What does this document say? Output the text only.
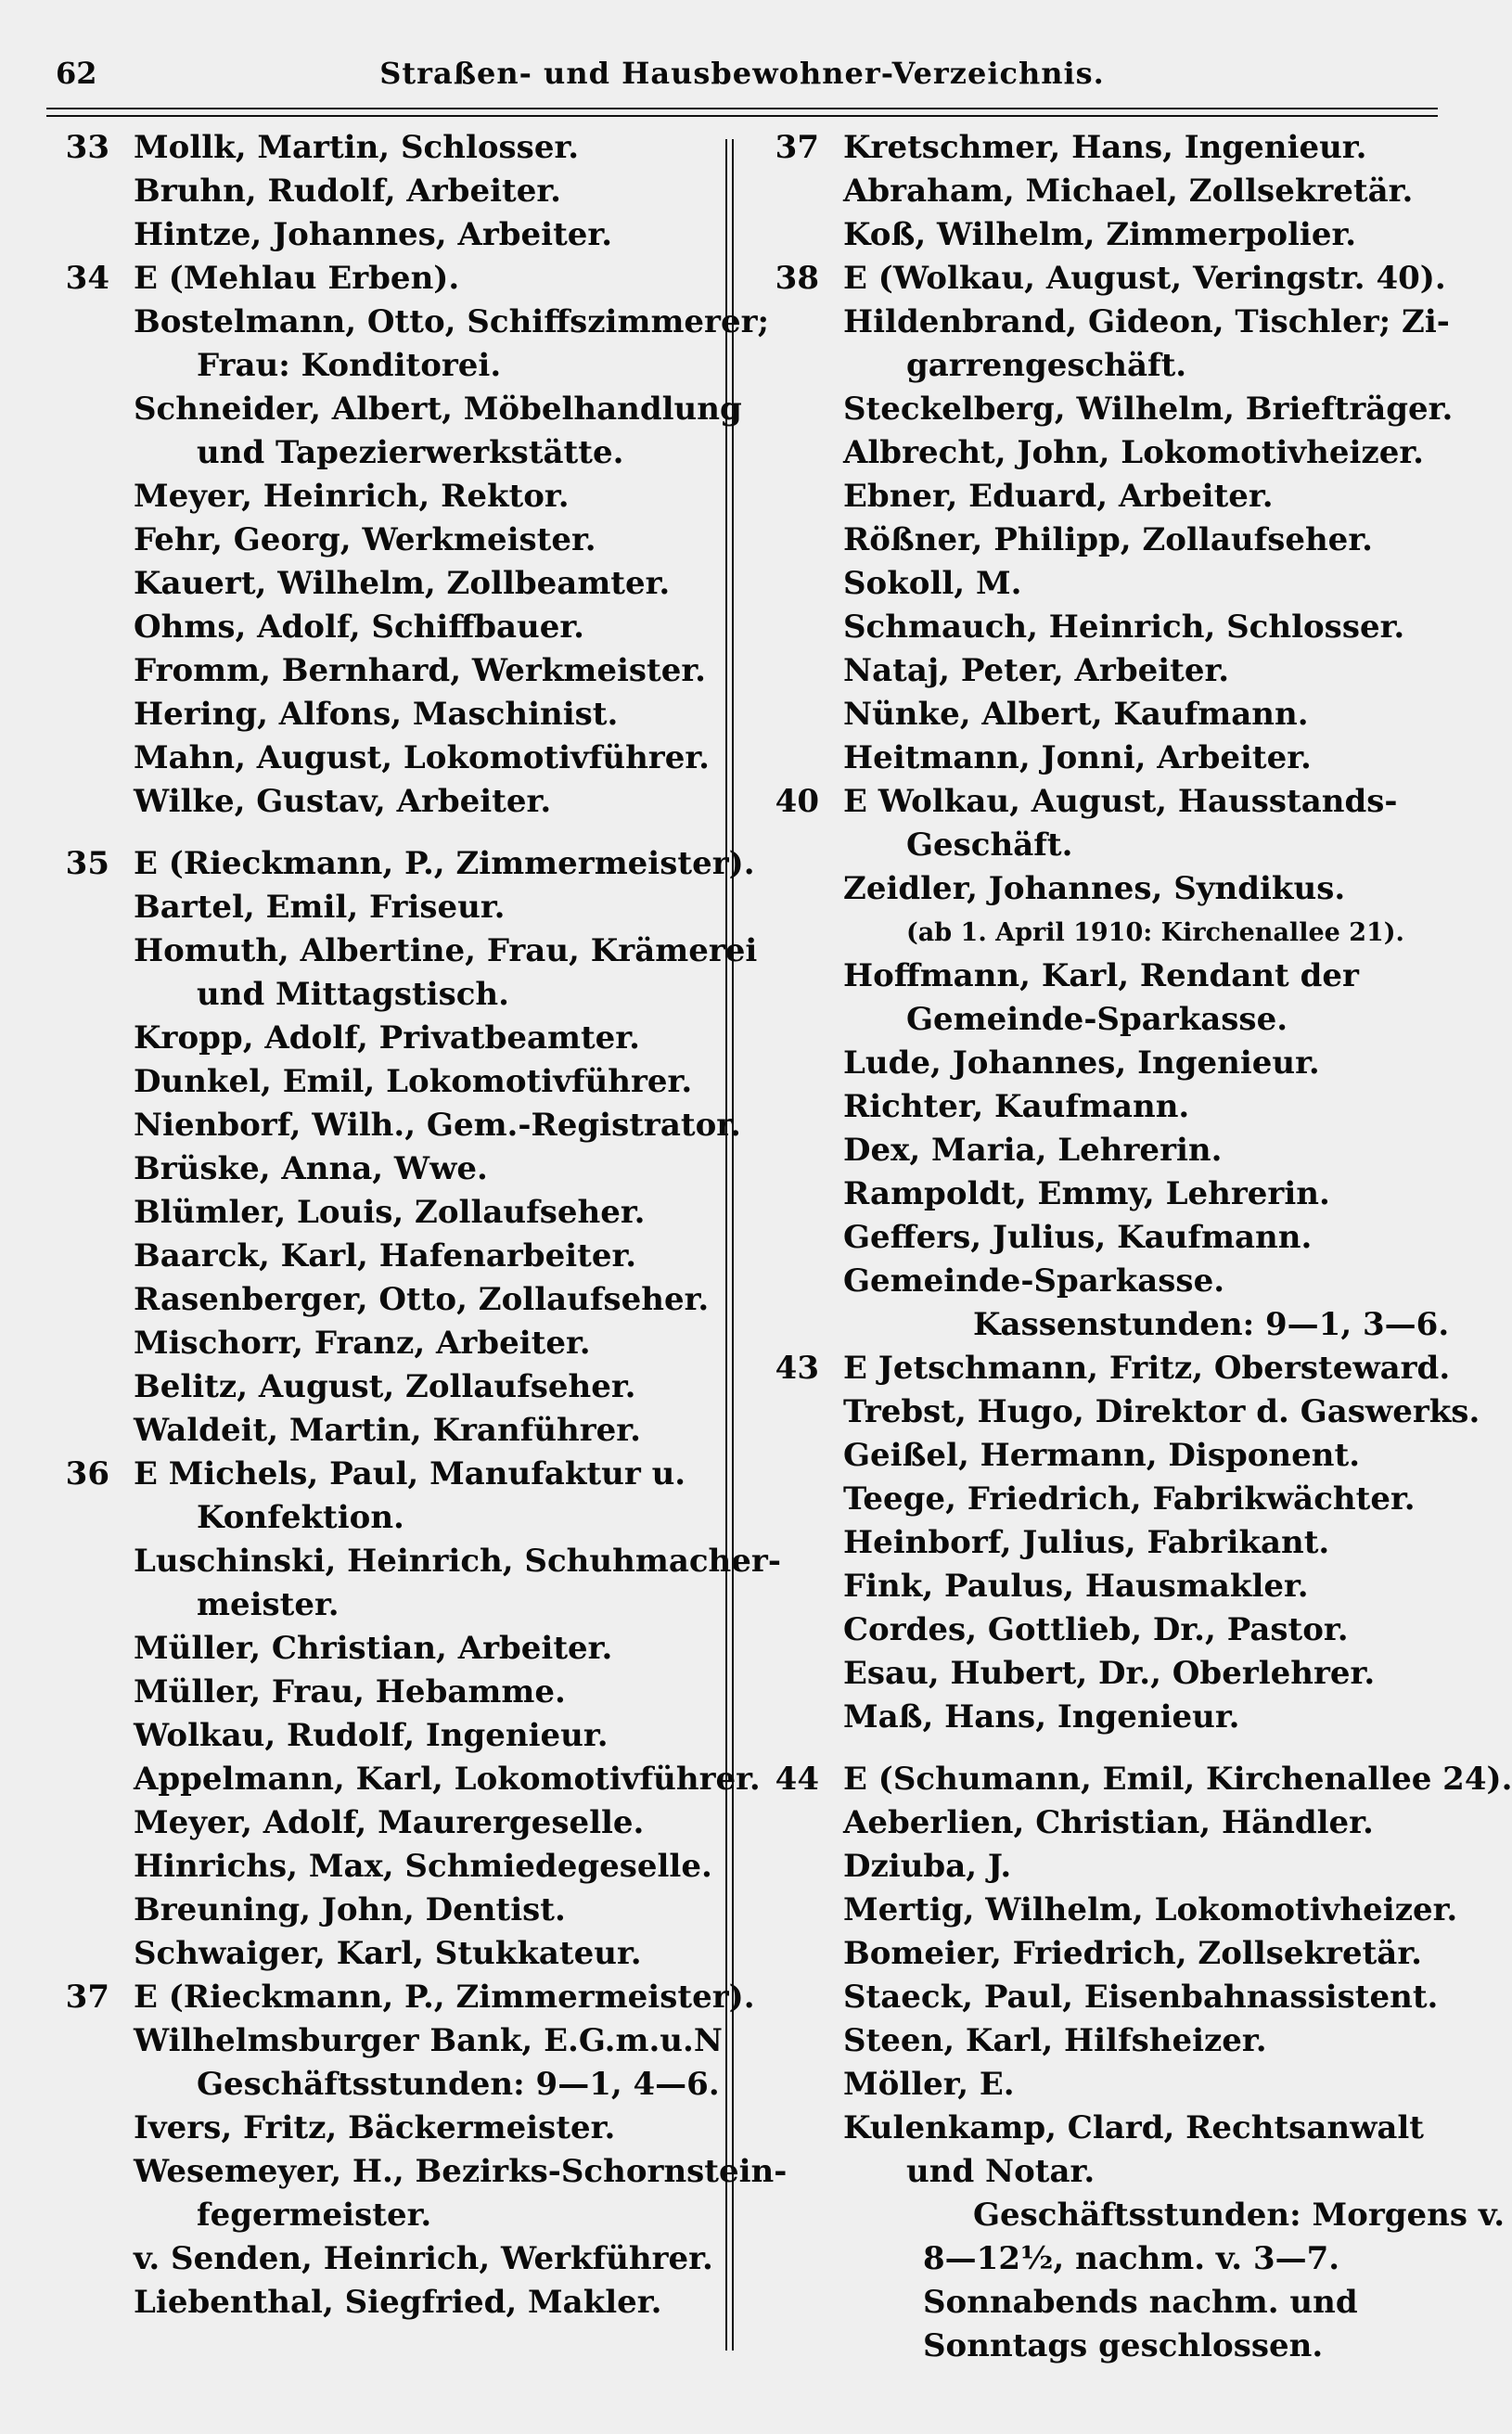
62	Straßen- und Hausbewohner-Verzeichnis.
33 Mollk, Martin, Schlosser.
Bruhn, Rudolf, Arbeiter.
Hintze, Johannes, Arbeiter.
34 E (Mehlau Erben).
Bostelmann, Otto, Schiffszimmerer;
Frau: Konditorei.
Schneider, Albert, Möbelhandlung
und Tapezierwerkstätte.
Meyer, Heinrich, Rektor.
Fehr, Georg, Werkmeister.
Kauert, Wilhelm, Zollbeamter.
Ohms, Adolf, Schiffbauer.
Fromm, Bernhard, Werkmeister.
Hering, Alfons, Maschinist.
Mahn, August, Lokomotivführer.
Wilke, Gustav, Arbeiter.
35 E (Rieckmann, P., Zimmermeister).
Bartel, Emil, Friseur.
Homuth, Albertine, Frau, Krämerei
und Mittagstisch.
Kropp, Adolf, Privatbeamter.
Dunkel, Emil, Lokomotivführer.
Nienborf, Wilh., Gem.-Registrator.
Brüske, Anna, Wwe.
Blümler, Louis, Zollaufseher.
Baarck, Karl, Hafenarbeiter.
Rasenberger, Otto, Zollaufseher.
Mischorr, Franz, Arbeiter.
Belitz, August, Zollaufseher.
Waldeit, Martin, Kranführer.
36 E Michels, Paul, Manufaktur u.
Konfektion.
Luschinski, Heinrich, Schuhmacher-
meister.
Müller, Christian, Arbeiter.
Müller, Frau, Hebamme.
Wolkau, Rudolf, Ingenieur.
Appelmann, Karl, Lokomotivführer.
Meyer, Adolf, Maurergeselle.
Hinrichs, Max, Schmiedegeselle.
Breuning, John, Dentist.
Schwaiger, Karl, Stukkateur.
37 E (Rieckmann, P., Zimmermeister).
Wilhelmsburger Bank, E.G.m.u.N
Geschäftsstunden: 9—1, 4—6.
Ivers, Fritz, Bäckermeister.
Wesemeyer, H., Bezirks-Schornstein-
fegermeister.
v. Senden, Heinrich, Werkführer.
Liebenthal, Siegfried, Makler.
37 Kretschmer, Hans, Ingenieur.
Abraham, Michael, Zollsekretär.
Koß, Wilhelm, Zimmerpolier.
38 E (Wolkau, August, Veringstr. 40).
Hildenbrand, Gideon, Tischler; Zi-
garrengeschäft.
Steckelberg, Wilhelm, Briefträger.
Albrecht, John, Lokomotivheizer.
Ebner, Eduard, Arbeiter.
Rößner, Philipp, Zollaufseher.
Sokoll, M.
Schmauch, Heinrich, Schlosser.
Nataj, Peter, Arbeiter.
Nünke, Albert, Kaufmann.
Heitmann, Jonni, Arbeiter.
40 E Wolkau, August, Hausstands-
Geschäft.
Zeidler, Johannes, Syndikus.
(ab 1. April 1910: Kirchenallee 21).
Hoffmann, Karl, Rendant der
Gemeinde-Sparkasse.
Lude, Johannes, Ingenieur.
Richter, Kaufmann.
Dex, Maria, Lehrerin.
Rampoldt, Emmy, Lehrerin.
Geffers, Julius, Kaufmann.
Gemeinde-Sparkasse.
Kassenstunden: 9—1, 3—6.
43 E Jetschmann, Fritz, Obersteward.
Trebst, Hugo, Direktor d. Gaswerks.
Geißel, Hermann, Disponent.
Teege, Friedrich, Fabrikwächter.
Heinborf, Julius, Fabrikant.
Fink, Paulus, Hausmakler.
Cordes, Gottlieb, Dr., Pastor.
Esau, Hubert, Dr., Oberlehrer.
Maß, Hans, Ingenieur.
44 E (Schumann, Emil, Kirchenallee 24).
Aeberlien, Christian, Händler.
Dziuba, J.
Mertig, Wilhelm, Lokomotivheizer.
Bomeier, Friedrich, Zollsekretär.
Staeck, Paul, Eisenbahnassistent.
Steen, Karl, Hilfsheizer.
Möller, E.
Kulenkamp, Clard, Rechtsanwalt
und Notar.
Geschäftsstunden: Morgens v.
8—12½, nachm. v. 3—7.
Sonnabends nachm. und
Sonntags geschlossen.
